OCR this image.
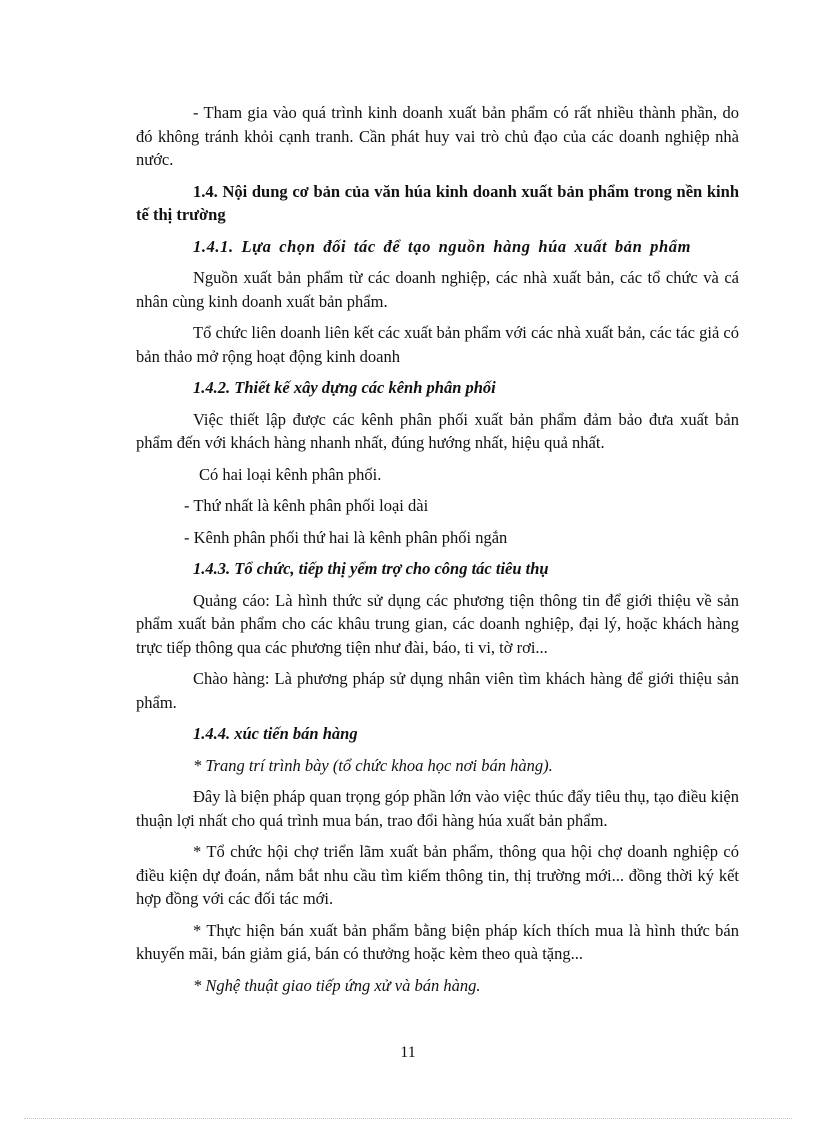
- Tham gia vào quá trình kinh doanh xuất bản phẩm có rất nhiều thành phần, do đó không tránh khỏi cạnh tranh. Cần phát huy vai trò chủ đạo của các doanh nghiệp nhà nước.

1.4. Nội dung cơ bản của văn húa kinh doanh xuất bản phẩm trong nền kinh tế thị trường

1.4.1. Lựa chọn đối tác để tạo nguồn hàng húa xuất bản phẩm

Nguồn xuất bản phẩm từ các doanh nghiệp, các nhà xuất bản, các tổ chức và cá nhân cùng kinh doanh xuất bản phẩm.

Tổ chức liên doanh liên kết các xuất bản phẩm với các nhà xuất bản, các tác giả có bản thảo mở rộng hoạt động kinh doanh

1.4.2. Thiết kế xây dựng các kênh phân phối

Việc thiết lập được các kênh phân phối xuất bản phẩm đảm bảo đưa xuất bản phẩm đến với khách hàng nhanh nhất, đúng hướng nhất, hiệu quả nhất.

Có hai loại kênh phân phối.

- Thứ nhất là kênh phân phối loại dài

- Kênh phân phối thứ hai là kênh phân phối ngắn

1.4.3. Tổ chức, tiếp thị yểm trợ cho công tác tiêu thụ

Quảng cáo: Là hình thức sử dụng các phương tiện thông tin để giới thiệu về sản phẩm xuất bản phẩm cho các khâu trung gian, các doanh nghiệp, đại lý, hoặc khách hàng trực tiếp thông qua các phương tiện như đài, báo, ti vi, tờ rơi...

Chào hàng: Là phương pháp sử dụng nhân viên tìm khách hàng để giới thiệu sản phẩm.

1.4.4. xúc tiến bán hàng

* Trang trí trình bày (tổ chức khoa học nơi bán hàng).

Đây là biện pháp quan trọng góp phần lớn vào việc thúc đẩy tiêu thụ, tạo điều kiện thuận lợi nhất cho quá trình mua bán, trao đổi hàng húa xuất bản phẩm.

* Tổ chức hội chợ triển lãm xuất bản phẩm, thông qua hội chợ doanh nghiệp có điều kiện dự đoán, nắm bắt nhu cầu tìm kiếm thông tin, thị trường mới... đồng thời ký kết hợp đồng với các đối tác mới.

* Thực hiện bán xuất bản phẩm bằng biện pháp kích thích mua là hình thức bán khuyến mãi, bán giảm giá, bán có thưởng hoặc kèm theo quà tặng...

* Nghệ thuật giao tiếp ứng xử và bán hàng.

11
